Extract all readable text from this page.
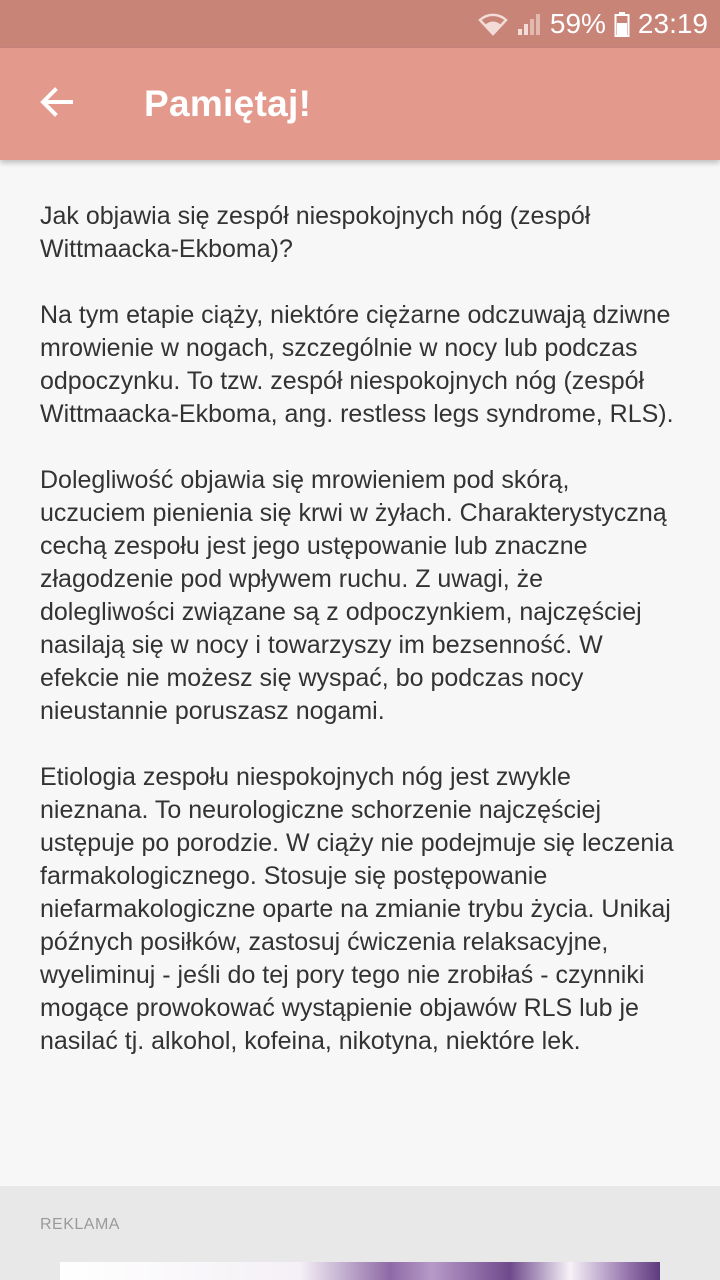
59% 23:19
Pamiętaj!

Jak objawia się zespół niespokojnych nóg (zespół Wittmaacka-Ekboma)?

Na tym etapie ciąży, niektóre ciężarne odczuwają dziwne mrowienie w nogach, szczególnie w nocy lub podczas odpoczynku. To tzw. zespół niespokojnych nóg (zespół Wittmaacka-Ekboma, ang. restless legs syndrome, RLS).

Dolegliwość objawia się mrowieniem pod skórą, uczuciem pienienia się krwi w żyłach. Charakterystyczną cechą zespołu jest jego ustępowanie lub znaczne złagodzenie pod wpływem ruchu. Z uwagi, że dolegliwości związane są z odpoczynkiem, najczęściej nasilają się w nocy i towarzyszy im bezsenność. W efekcie nie możesz się wyspać, bo podczas nocy nieustannie poruszasz nogami.

Etiologia zespołu niespokojnych nóg jest zwykle nieznana. To neurologiczne schorzenie najczęściej ustępuje po porodzie. W ciąży nie podejmuje się leczenia farmakologicznego. Stosuje się postępowanie niefarmakologiczne oparte na zmianie trybu życia. Unikaj późnych posiłków, zastosuj ćwiczenia relaksacyjne, wyeliminuj - jeśli do tej pory tego nie zrobiłaś - czynniki mogące prowokować wystąpienie objawów RLS lub je nasilać tj. alkohol, kofeina, nikotyna, niektóre lek.

REKLAMA
